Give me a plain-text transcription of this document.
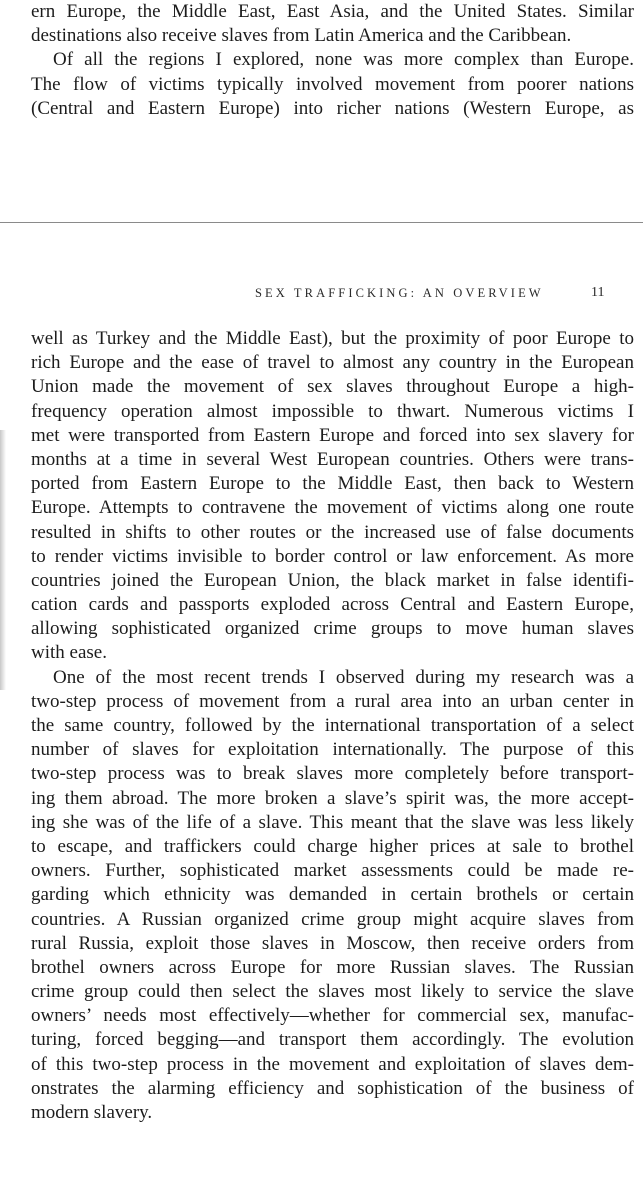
ern Europe, the Middle East, East Asia, and the United States. Similar
destinations also receive slaves from Latin America and the Caribbean.
Of all the regions I explored, none was more complex than Europe.
The flow of victims typically involved movement from poorer nations
(Central and Eastern Europe) into richer nations (Western Europe, as
SEX TRAFFICKING: AN OVERVIEW	11
well as Turkey and the Middle East), but the proximity of poor Europe to
rich Europe and the ease of travel to almost any country in the European
Union made the movement of sex slaves throughout Europe a high-
frequency operation almost impossible to thwart. Numerous victims I
met were transported from Eastern Europe and forced into sex slavery for
months at a time in several West European countries. Others were trans-
ported from Eastern Europe to the Middle East, then back to Western
Europe. Attempts to contravene the movement of victims along one route
resulted in shifts to other routes or the increased use of false documents
to render victims invisible to border control or law enforcement. As more
countries joined the European Union, the black market in false identifi-
cation cards and passports exploded across Central and Eastern Europe,
allowing sophisticated organized crime groups to move human slaves
with ease.
One of the most recent trends I observed during my research was a
two-step process of movement from a rural area into an urban center in
the same country, followed by the international transportation of a select
number of slaves for exploitation internationally. The purpose of this
two-step process was to break slaves more completely before transport-
ing them abroad. The more broken a slave’s spirit was, the more accept-
ing she was of the life of a slave. This meant that the slave was less likely
to escape, and traffickers could charge higher prices at sale to brothel
owners. Further, sophisticated market assessments could be made re-
garding which ethnicity was demanded in certain brothels or certain
countries. A Russian organized crime group might acquire slaves from
rural Russia, exploit those slaves in Moscow, then receive orders from
brothel owners across Europe for more Russian slaves. The Russian
crime group could then select the slaves most likely to service the slave
owners’ needs most effectively—whether for commercial sex, manufac-
turing, forced begging—and transport them accordingly. The evolution
of this two-step process in the movement and exploitation of slaves dem-
onstrates the alarming efficiency and sophistication of the business of
modern slavery.
